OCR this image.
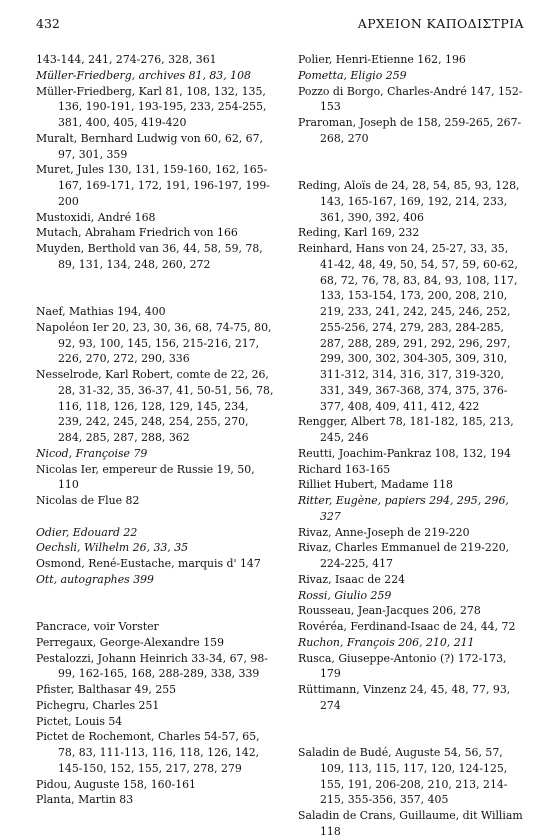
432	ΑΡΧΕΙΟΝ ΚΑΠΟΔΙΣΤΡΙΑ
143-144, 241, 274-276, 328, 361
Müller-Friedberg, archives 81, 83, 108
Müller-Friedberg, Karl 81, 108, 132, 135, 136, 190-191, 193-195, 233, 254-255, 381, 400, 405, 419-420
Muralt, Bernhard Ludwig von 60, 62, 67, 97, 301, 359
Muret, Jules 130, 131, 159-160, 162, 165-167, 169-171, 172, 191, 196-197, 199-200
Mustoxidi, André 168
Mutach, Abraham Friedrich von 166
Muyden, Berthold van 36, 44, 58, 59, 78, 89, 131, 134, 248, 260, 272
Naef, Mathias 194, 400
Napoléon Ier 20, 23, 30, 36, 68, 74-75, 80, 92, 93, 100, 145, 156, 215-216, 217, 226, 270, 272, 290, 336
Nesselrode, Karl Robert, comte de 22, 26, 28, 31-32, 35, 36-37, 41, 50-51, 56, 78, 116, 118, 126, 128, 129, 145, 234, 239, 242, 245, 248, 254, 255, 270, 284, 285, 287, 288, 362
Nicod, Françoise 79
Nicolas Ier, empereur de Russie 19, 50, 110
Nicolas de Flue 82
Odier, Edouard 22
Oechsli, Wilhelm 26, 33, 35
Osmond, René-Eustache, marquis d' 147
Ott, autographes 399
Pancrace, voir Vorster
Perregaux, George-Alexandre 159
Pestalozzi, Johann Heinrich 33-34, 67, 98-99, 162-165, 168, 288-289, 338, 339
Pfister, Balthasar 49, 255
Pichegru, Charles 251
Pictet, Louis 54
Pictet de Rochemont, Charles 54-57, 65, 78, 83, 111-113, 116, 118, 126, 142, 145-150, 152, 155, 217, 278, 279
Pidou, Auguste 158, 160-161
Planta, Martin 83
Polier, Henri-Etienne 162, 196
Pometta, Eligio 259
Pozzo di Borgo, Charles-André 147, 152-153
Praroman, Joseph de 158, 259-265, 267-268, 270
Reding, Aloïs de 24, 28, 54, 85, 93, 128, 143, 165-167, 169, 192, 214, 233, 361, 390, 392, 406
Reding, Karl 169, 232
Reinhard, Hans von 24, 25-27, 33, 35, 41-42, 48, 49, 50, 54, 57, 59, 60-62, 68, 72, 76, 78, 83, 84, 93, 108, 117, 133, 153-154, 173, 200, 208, 210, 219, 233, 241, 242, 245, 246, 252, 255-256, 274, 279, 283, 284-285, 287, 288, 289, 291, 292, 296, 297, 299, 300, 302, 304-305, 309, 310, 311-312, 314, 316, 317, 319-320, 331, 349, 367-368, 374, 375, 376-377, 408, 409, 411, 412, 422
Rengger, Albert 78, 181-182, 185, 213, 245, 246
Reutti, Joachim-Pankraz 108, 132, 194
Richard 163-165
Rilliet Hubert, Madame 118
Ritter, Eugène, papiers 294, 295, 296, 327
Rivaz, Anne-Joseph de 219-220
Rivaz, Charles Emmanuel de 219-220, 224-225, 417
Rivaz, Isaac de 224
Rossi, Giulio 259
Rousseau, Jean-Jacques 206, 278
Rovéréa, Ferdinand-Isaac de 24, 44, 72
Ruchon, François 206, 210, 211
Rusca, Giuseppe-Antonio (?) 172-173, 179
Rüttimann, Vinzenz 24, 45, 48, 77, 93, 274
Saladin de Budé, Auguste 54, 56, 57, 109, 113, 115, 117, 120, 124-125, 155, 191, 206-208, 210, 213, 214-215, 355-356, 357, 405
Saladin de Crans, Guillaume, dit William 118
